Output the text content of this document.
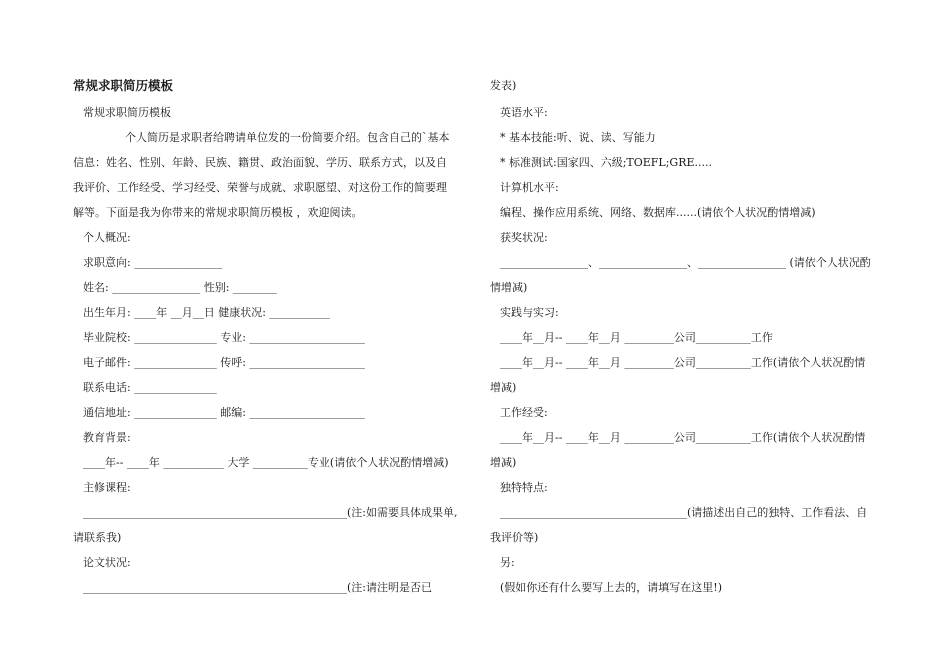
常规求职简历模板
常规求职简历模板
个人简历是求职者给聘请单位发的一份简要介绍。包含自己的`基本
信息：姓名、性别、年龄、民族、籍贯、政治面貌、学历、联系方式，以及自
我评价、工作经受、学习经受、荣誉与成就、求职愿望、对这份工作的简要理
解等。下面是我为你带来的常规求职简历模板 ，欢迎阅读。
个人概况:
求职意向: ________________
姓名: ________________ 性别: ________
出生年月: ____年 __月__日 健康状况: ___________
毕业院校: _______________ 专业: _____________________
电子邮件: _______________ 传呼: _____________________
联系电话: _______________
通信地址: _______________ 邮编: _____________________
教育背景:
____年-- ____年 ___________ 大学 __________专业(请依个人状况酌情增减)
主修课程:
________________________________________________(注:如需要具体成果单,
请联系我)
论文状况:
________________________________________________(注:请注明是否已
发表)
英语水平:
* 基本技能:听、说、读、写能力
* 标准测试:国家四、六级;TOEFL;GRE.....
计算机水平:
编程、操作应用系统、网络、数据库......(请依个人状况酌情增减)
获奖状况:
________________、________________、________________ (请依个人状况酌
情增减)
实践与实习:
____年__月-- ____年__月 _________公司__________工作
____年__月-- ____年__月 _________公司__________工作(请依个人状况酌情
增减)
工作经受:
____年__月-- ____年__月 _________公司__________工作(请依个人状况酌情
增减)
独特特点:
__________________________________(请描述出自己的独特、工作看法、自
我评价等)
另:
(假如你还有什么要写上去的，请填写在这里!)
